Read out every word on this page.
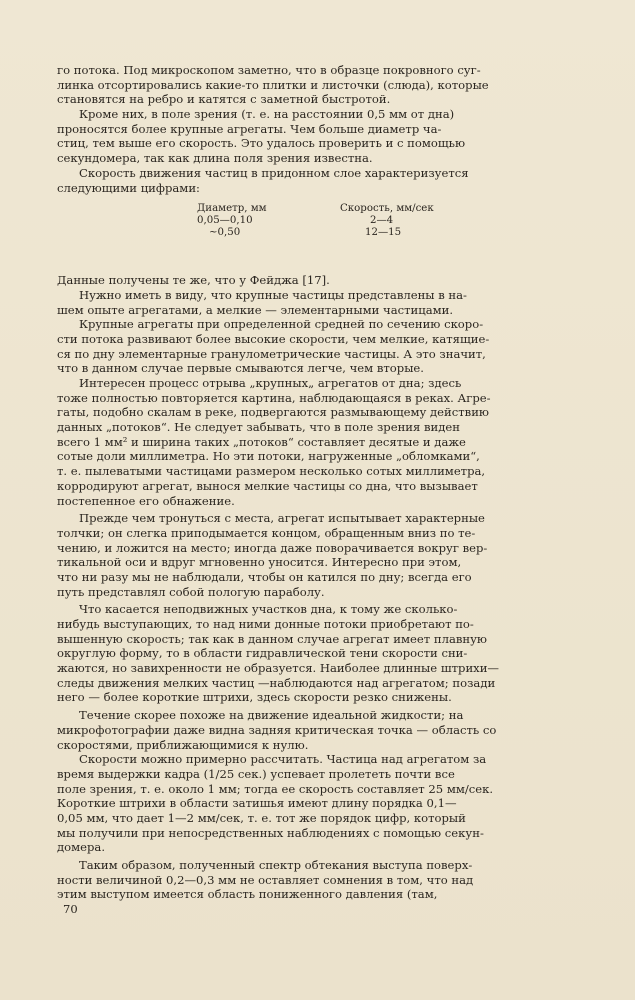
го потока. Под микроскопом заметно, что в образце покровного суг-
линка отсортировались какие-то плитки и листочки (слюда), которые
становятся на ребро и катятся с заметной быстротой.
Кроме них, в поле зрения (т. е. на расстоянии 0,5 мм от дна)
проносятся более крупные агрегаты. Чем больше диаметр ча-
стиц, тем выше его скорость. Это удалось проверить и с помощью
секундомера, так как длина поля зрения известна.
Скорость движения частиц в придонном слое характеризуется
следующими цифрами:
Диаметр, мм
0,05—0,10
~0,50
Скорость, мм/сек
2—4
12—15
Данные получены те же, что у Фейджа [17].
Нужно иметь в виду, что крупные частицы представлены в на-
шем опыте агрегатами, а мелкие — элементарными частицами.
Крупные агрегаты при определенной средней по сечению скоро-
сти потока развивают более высокие скорости, чем мелкие, катящие-
ся по дну элементарные гранулометрические частицы. А это значит,
что в данном случае первые смываются легче, чем вторые.
Интересен процесс отрыва „крупных„ агрегатов от дна; здесь
тоже полностью повторяется картина, наблюдающаяся в реках. Агре-
гаты, подобно скалам в реке, подвергаются размывающему действию
данных „потоков“. Не следует забывать, что в поле зрения виден
всего 1 мм² и ширина таких „потоков“ составляет десятые и даже
сотые доли миллиметра. Но эти потоки, нагруженные „обломками“,
т. е. пылеватыми частицами размером несколько сотых миллиметра,
корродируют агрегат, вынося мелкие частицы со дна, что вызывает
постепенное его обнажение.
Прежде чем тронуться с места, агрегат испытывает характерные
толчки; он слегка приподымается концом, обращенным вниз по те-
чению, и ложится на место; иногда даже поворачивается вокруг вер-
тикальной оси и вдруг мгновенно уносится. Интересно при этом,
что ни разу мы не наблюдали, чтобы он катился по дну; всегда его
путь представлял собой пологую параболу.
Что касается неподвижных участков дна, к тому же сколько-
нибудь выступающих, то над ними донные потоки приобретают по-
вышенную скорость; так как в данном случае агрегат имеет плавную
округлую форму, то в области гидравлической тени скорости сни-
жаются, но завихренности не образуется. Наиболее длинные штрихи—
следы движения мелких частиц —наблюдаются над агрегатом; позади
него — более короткие штрихи, здесь скорости резко снижены.
Течение скорее похоже на движение идеальной жидкости; на
микрофотографии даже видна задняя критическая точка — область со
скоростями, приближающимися к нулю.
Скорости можно примерно рассчитать. Частица над агрегатом за
время выдержки кадра (1/25 сек.) успевает пролететь почти все
поле зрения, т. е. около 1 мм; тогда ее скорость составляет 25 мм/сек.
Короткие штрихи в области затишья имеют длину порядка 0,1—
0,05 мм, что дает 1—2 мм/сек, т. е. тот же порядок цифр, который
мы получили при непосредственных наблюдениях с помощью секун-
домера.
Таким образом, полученный спектр обтекания выступа поверх-
ности величиной 0,2—0,3 мм не оставляет сомнения в том, что над
этим выступом имеется область пониженного давления (там,
70
